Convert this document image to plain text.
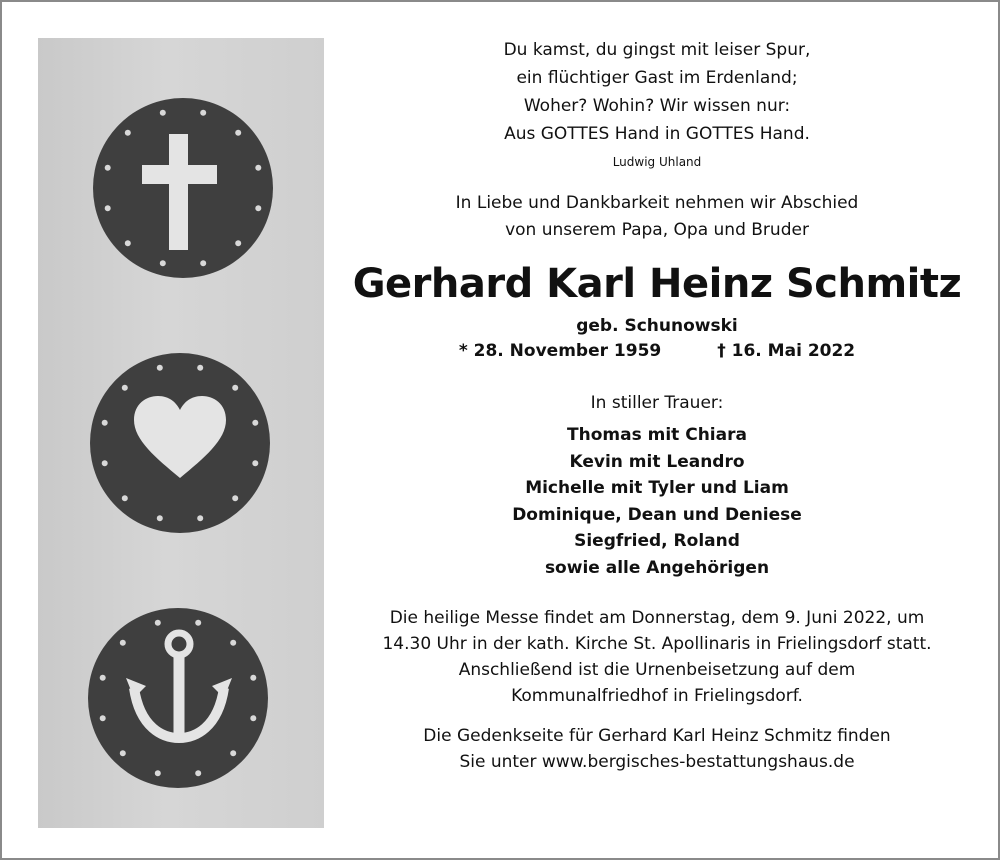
Du kamst, du gingst mit leiser Spur,
ein flüchtiger Gast im Erdenland;
Woher? Wohin? Wir wissen nur:
Aus GOTTES Hand in GOTTES Hand.
Ludwig Uhland
In Liebe und Dankbarkeit nehmen wir Abschied
von unserem Papa, Opa und Bruder
Gerhard Karl Heinz Schmitz
geb. Schunowski
* 28. November 1959	† 16. Mai 2022
In stiller Trauer:
Thomas mit Chiara
Kevin mit Leandro
Michelle mit Tyler und Liam
Dominique, Dean und Deniese
Siegfried, Roland
sowie alle Angehörigen
Die heilige Messe findet am Donnerstag, dem 9. Juni 2022, um
14.30 Uhr in der kath. Kirche St. Apollinaris in Frielingsdorf statt.
Anschließend ist die Urnenbeisetzung auf dem
Kommunalfriedhof in Frielingsdorf.
Die Gedenkseite für Gerhard Karl Heinz Schmitz finden
Sie unter www.bergisches-bestattungshaus.de
